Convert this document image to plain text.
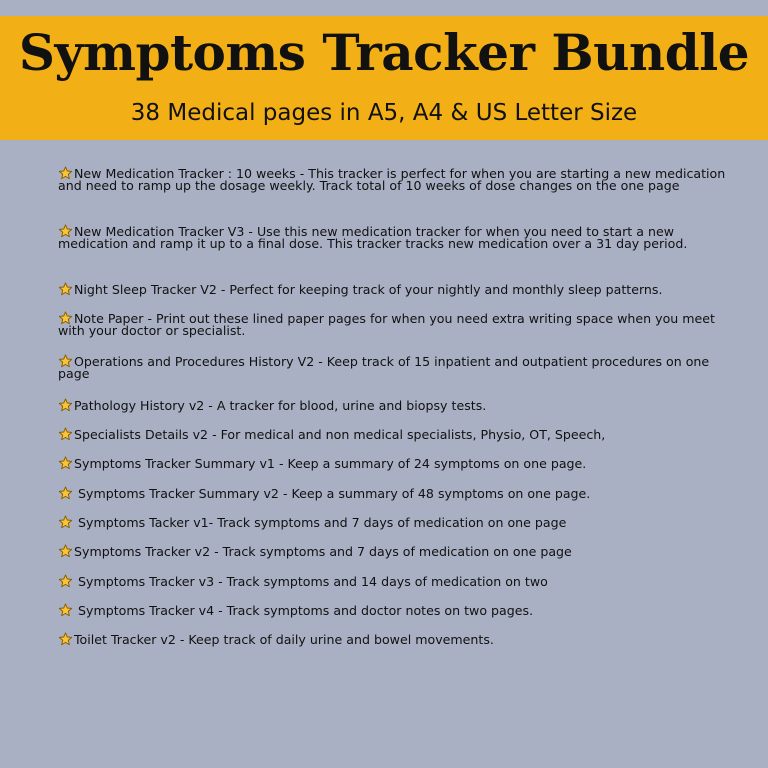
Symptoms Tracker Bundle
38 Medical pages in A5, A4 & US Letter Size
New Medication Tracker : 10 weeks - This tracker is perfect for when you are starting a new medication and need to ramp up the dosage weekly. Track total of 10 weeks of dose changes on the one page
New Medication Tracker V3 - Use this new medication tracker for when you need to start a new medication and ramp it up to a final dose. This tracker tracks new medication over a 31 day period.
Night Sleep Tracker V2 - Perfect for keeping track of your nightly and monthly sleep patterns.
Note Paper - Print out these lined paper pages for when you need extra writing space when you meet with your doctor or specialist.
Operations and Procedures History V2 - Keep track of 15 inpatient and outpatient procedures on one page
Pathology History v2 - A tracker for blood, urine and biopsy tests.
Specialists Details v2 - For medical and non medical specialists, Physio, OT, Speech,
Symptoms Tracker Summary v1 - Keep a summary of 24 symptoms on one page.
Symptoms Tracker Summary v2 - Keep a summary of 48 symptoms on one page.
Symptoms Tacker v1- Track symptoms and 7 days of medication on one page
Symptoms Tracker v2 - Track symptoms and 7 days of medication on one page
Symptoms Tracker v3 - Track symptoms and 14 days of medication on two
Symptoms Tracker v4 - Track symptoms and doctor notes on two pages.
Toilet Tracker v2 - Keep track of daily urine and bowel movements.
